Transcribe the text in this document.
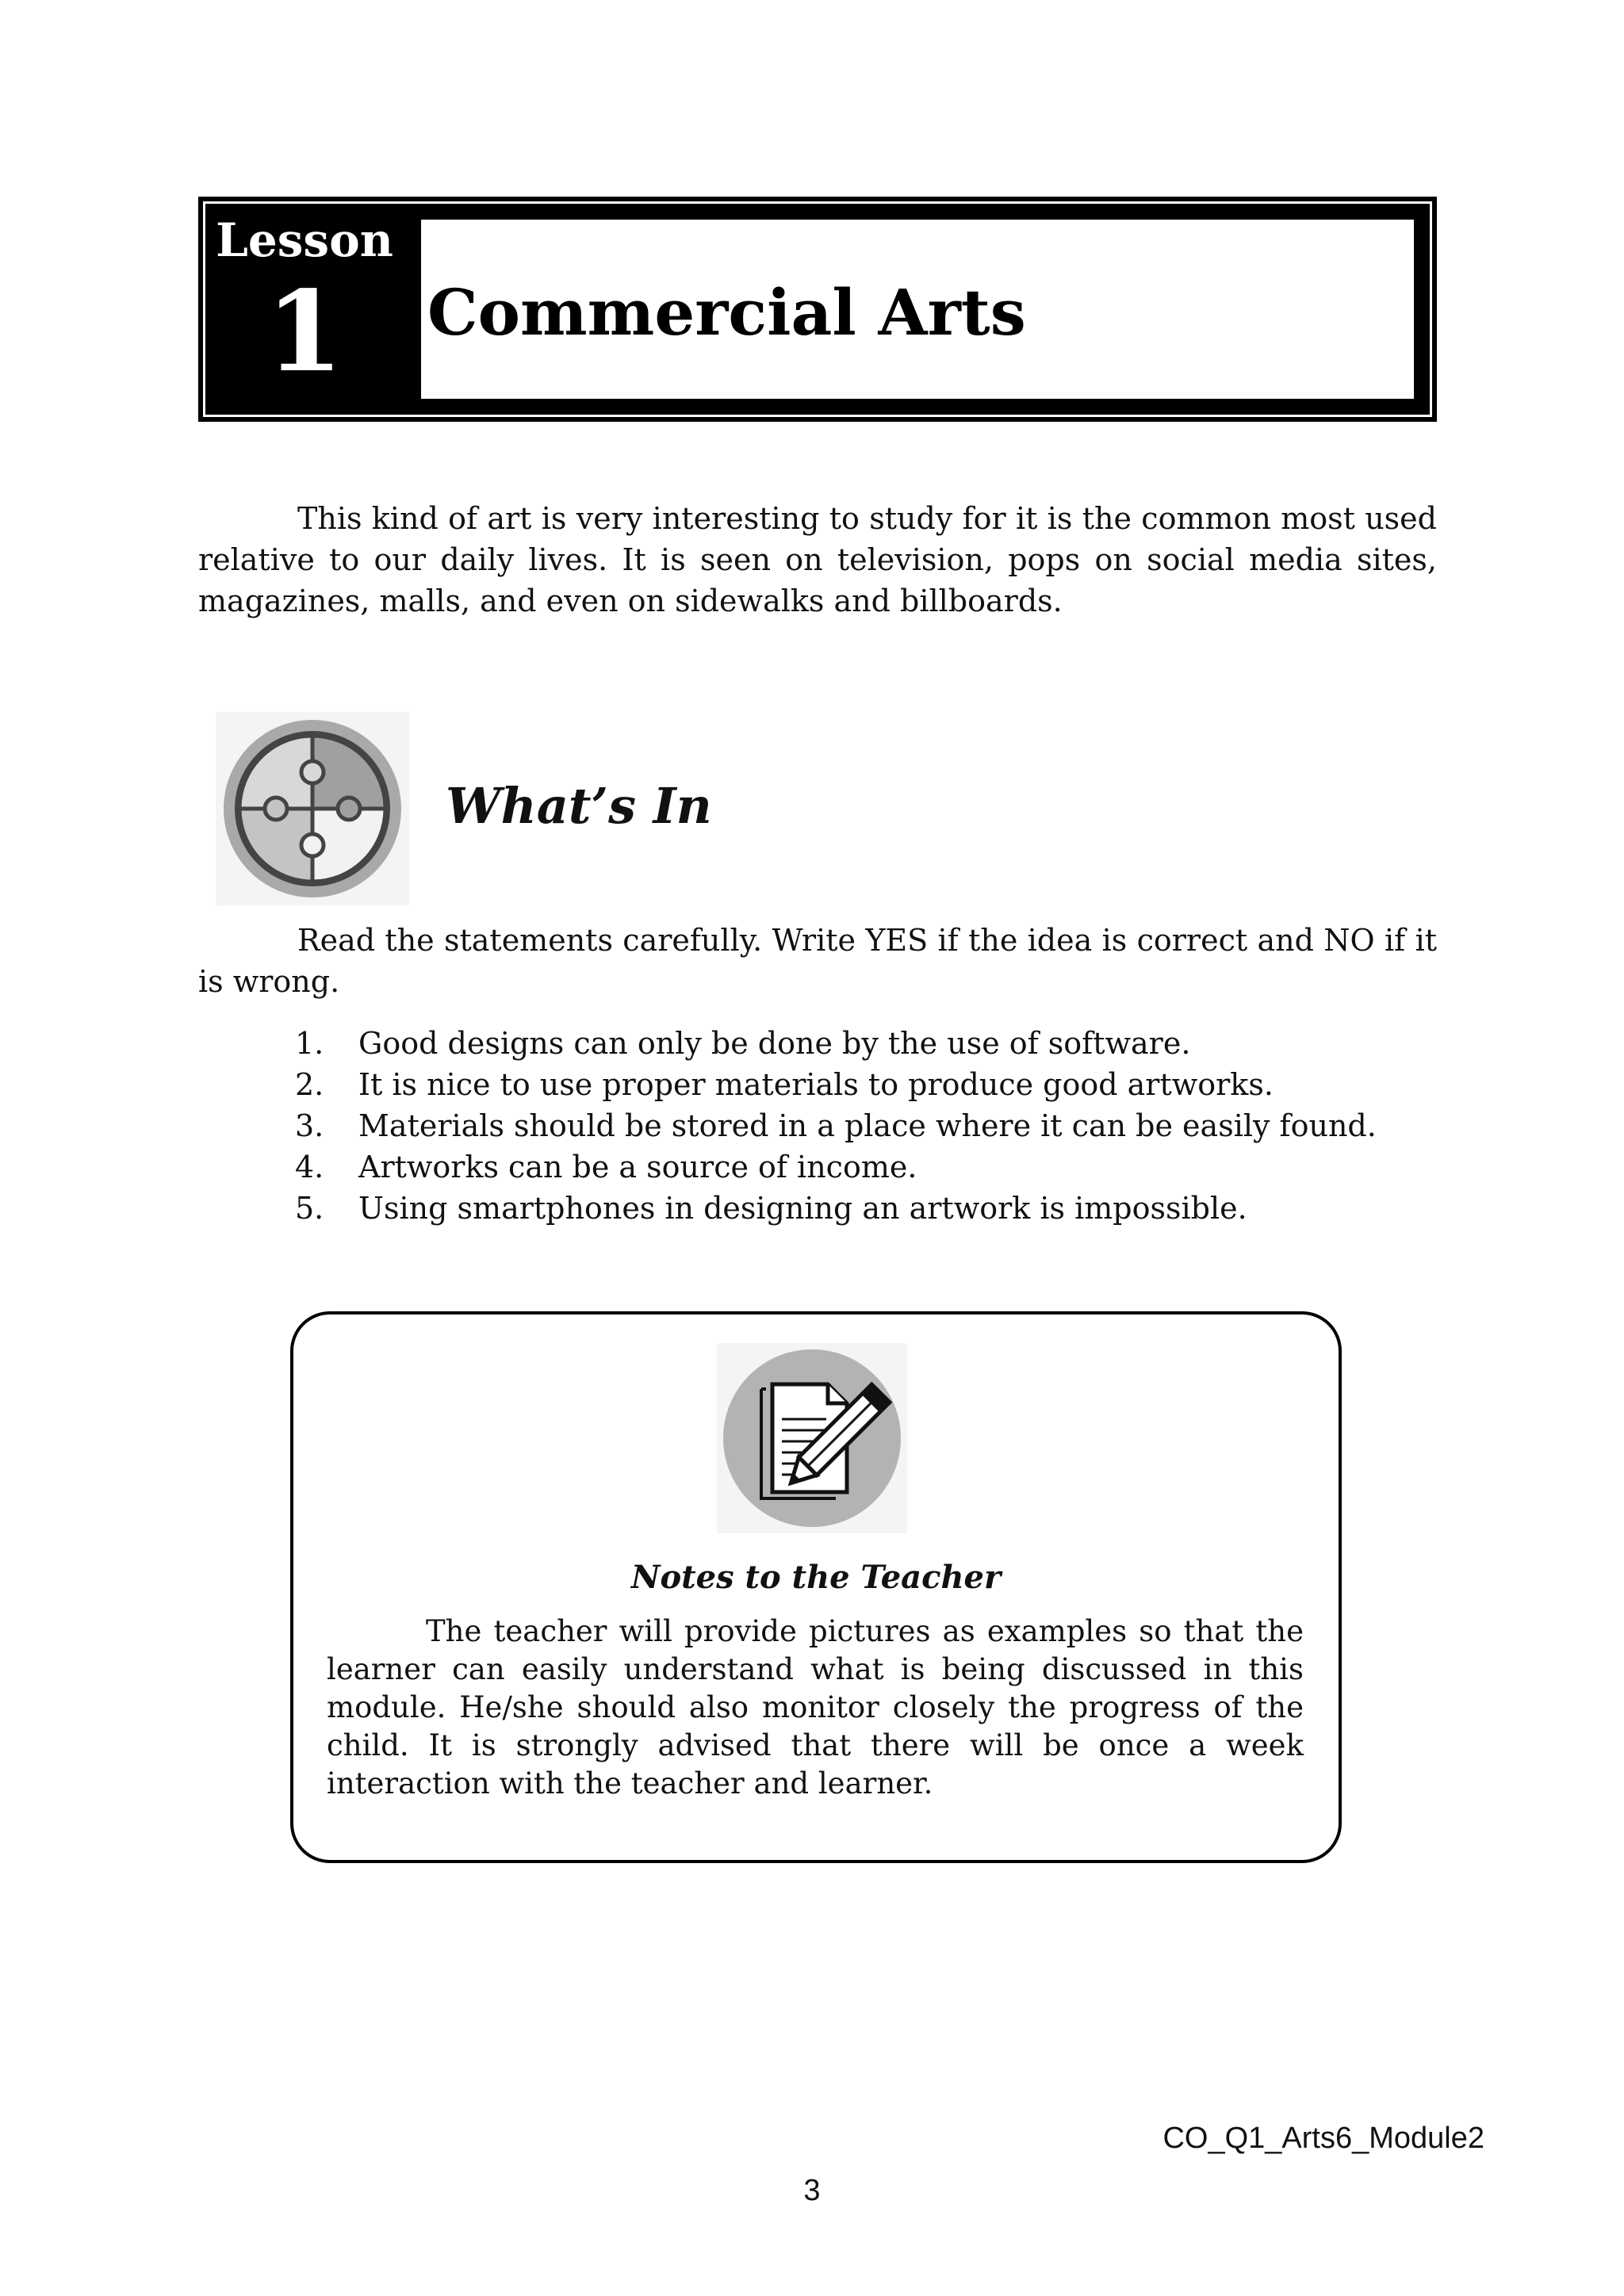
Lesson
1	Commercial Arts
This kind of art is very interesting to study for it is the common most used relative to our daily lives. It is seen on television, pops on social media sites, magazines, malls, and even on sidewalks and billboards.
What’s In
Read the statements carefully. Write YES if the idea is correct and NO if it is wrong.
1. Good designs can only be done by the use of software.
2. It is nice to use proper materials to produce good artworks.
3. Materials should be stored in a place where it can be easily found.
4. Artworks can be a source of income.
5. Using smartphones in designing an artwork is impossible.
Notes to the Teacher
The teacher will provide pictures as examples so that the learner can easily understand what is being discussed in this module. He/she should also monitor closely the progress of the child. It is strongly advised that there will be once a week interaction with the teacher and learner.
CO_Q1_Arts6_Module2
3
